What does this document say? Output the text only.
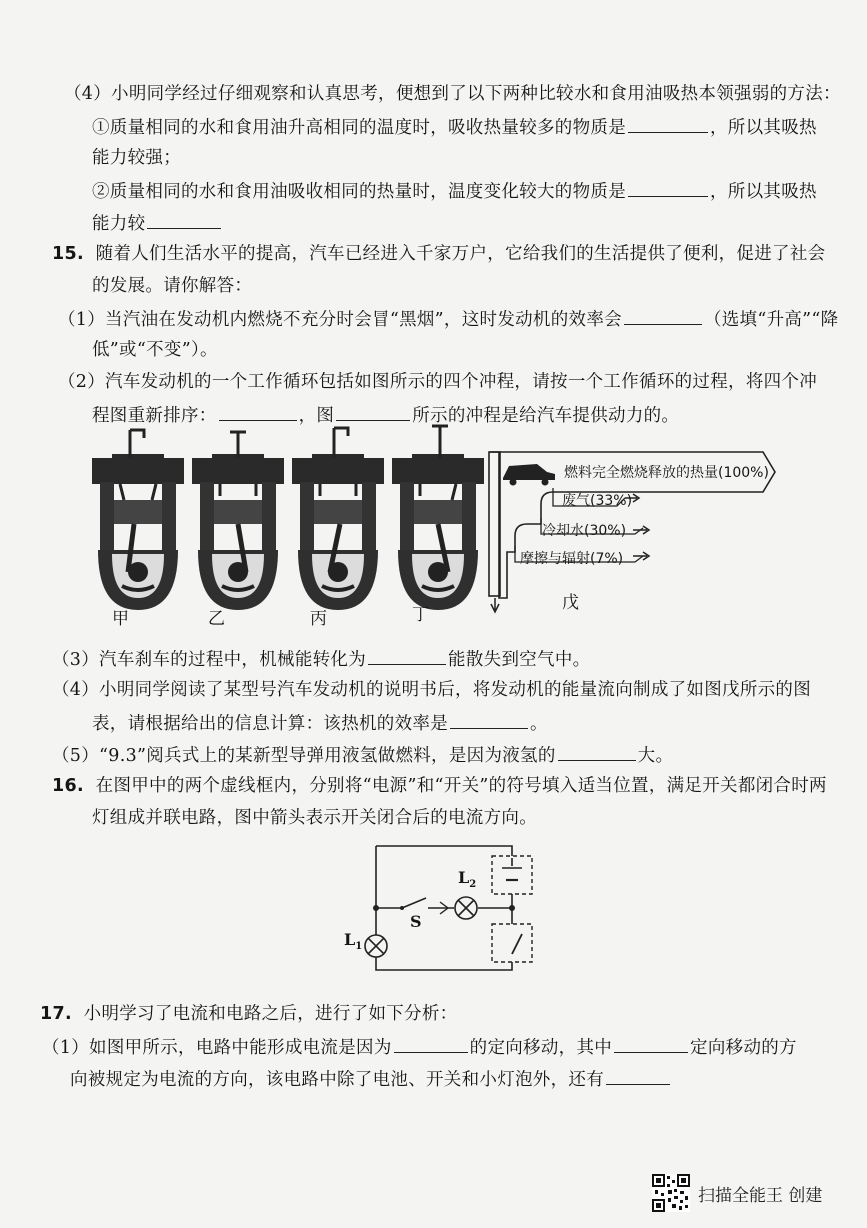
（4）小明同学经过仔细观察和认真思考，便想到了以下两种比较水和食用油吸热本领强弱的方法：
①质量相同的水和食用油升高相同的温度时，吸收热量较多的物质是	，所以其吸热
能力较强；
②质量相同的水和食用油吸收相同的热量时，温度变化较大的物质是	，所以其吸热
能力较
15. 随着人们生活水平的提高，汽车已经进入千家万户，它给我们的生活提供了便利，促进了社会
的发展。请你解答：
（1）当汽油在发动机内燃烧不充分时会冒“黑烟”，这时发动机的效率会	（选填“升高”“降
低”或“不变”）。
（2）汽车发动机的一个工作循环包括如图所示的四个冲程，请按一个工作循环的过程，将四个冲
程图重新排序：	，图	所示的冲程是给汽车提供动力的。
甲	乙	丙	丁
燃料完全燃烧释放的热量(100%)
废气(33%)
冷却水(30%)
摩擦与辐射(7%)
戊
（3）汽车刹车的过程中，机械能转化为	能散失到空气中。
（4）小明同学阅读了某型号汽车发动机的说明书后，将发动机的能量流向制成了如图戊所示的图
表，请根据给出的信息计算：该热机的效率是	。
（5）“9.3”阅兵式上的某新型导弹用液氢做燃料，是因为液氢的	大。
16. 在图甲中的两个虚线框内，分别将“电源”和“开关”的符号填入适当位置，满足开关都闭合时两
灯组成并联电路，图中箭头表示开关闭合后的电流方向。
$L_2$
S
$L_1$
17. 小明学习了电流和电路之后，进行了如下分析：
（1）如图甲所示，电路中能形成电流是因为	的定向移动，其中	定向移动的方
向被规定为电流的方向，该电路中除了电池、开关和小灯泡外，还有
扫描全能王 创建
